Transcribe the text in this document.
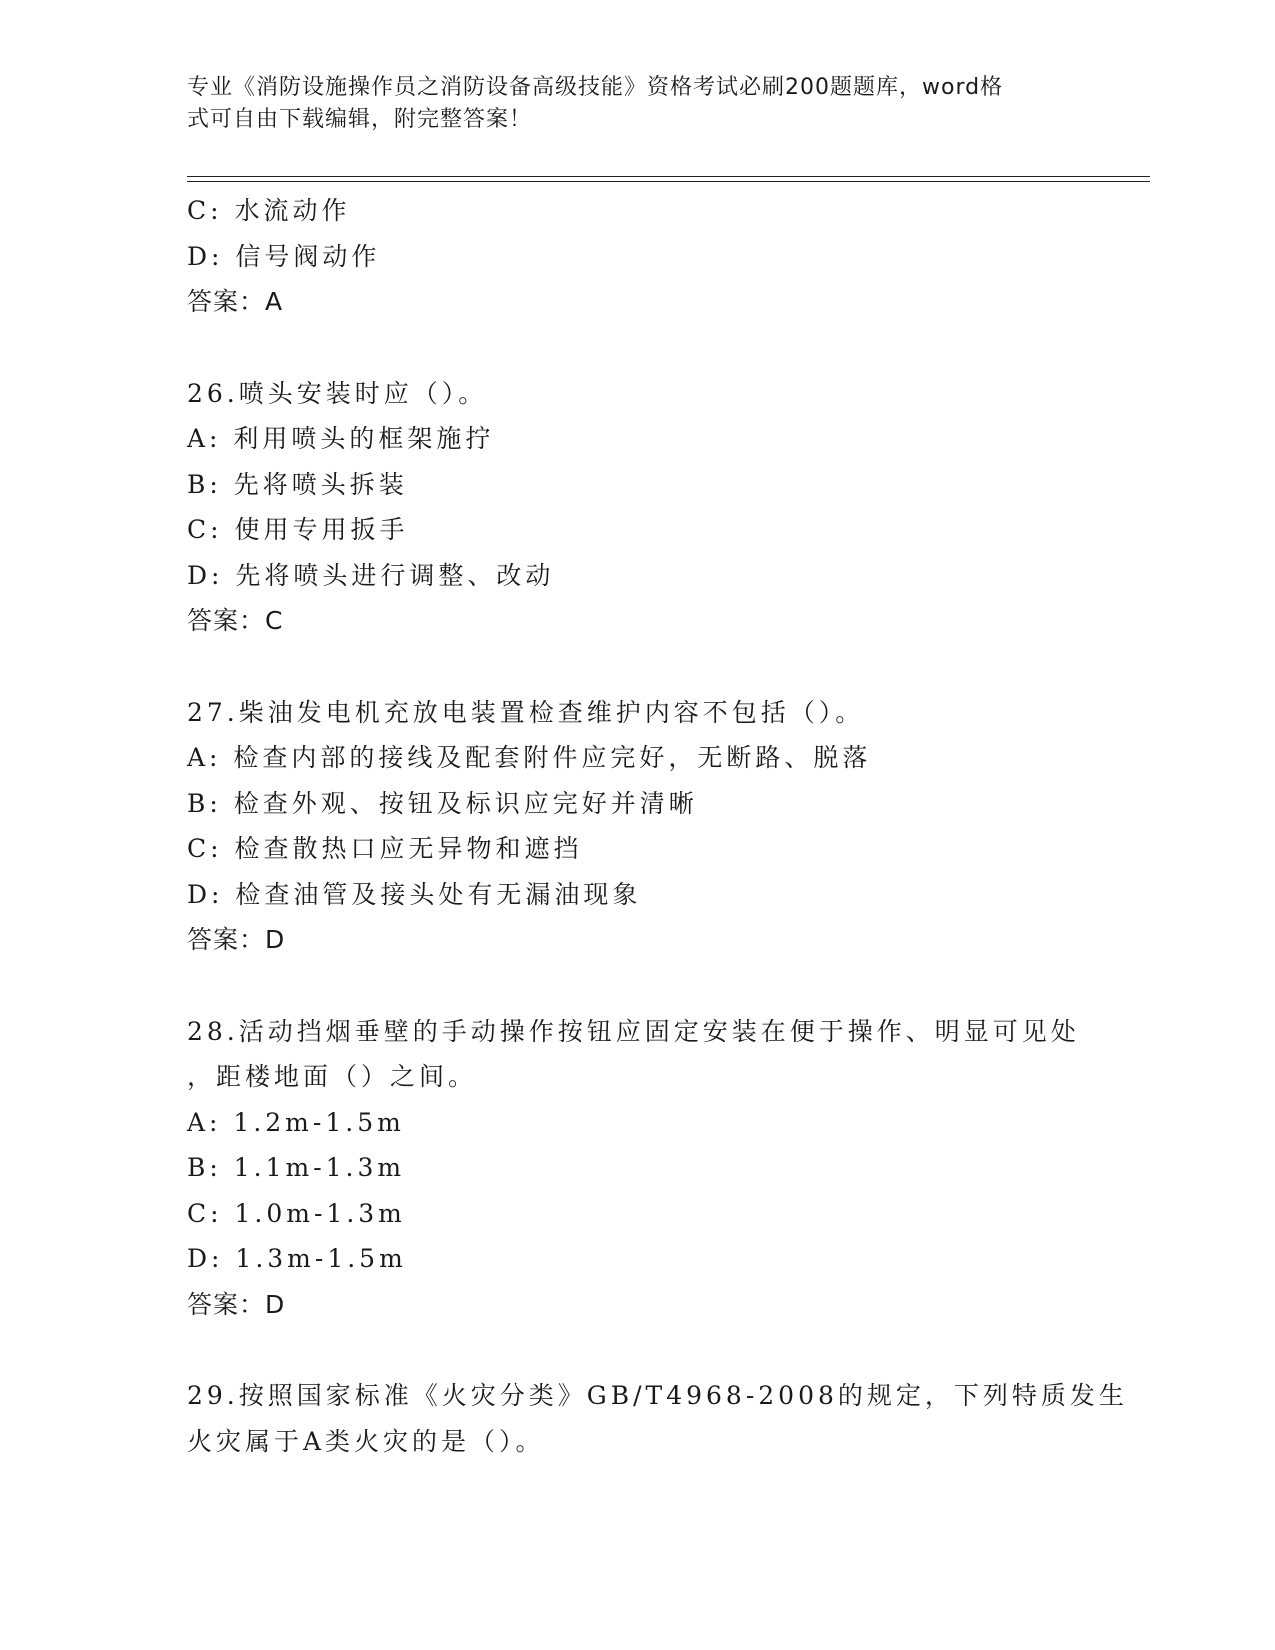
专业《消防设施操作员之消防设备高级技能》资格考试必刷200题题库，word格
式可自由下载编辑，附完整答案！
C: 水流动作
D: 信号阀动作
答案：A
26.喷头安装时应（）。
A: 利用喷头的框架施拧
B: 先将喷头拆装
C: 使用专用扳手
D: 先将喷头进行调整、改动
答案：C
27.柴油发电机充放电装置检查维护内容不包括（）。
A: 检查内部的接线及配套附件应完好，无断路、脱落
B: 检查外观、按钮及标识应完好并清晰
C: 检查散热口应无异物和遮挡
D: 检查油管及接头处有无漏油现象
答案：D
28.活动挡烟垂壁的手动操作按钮应固定安装在便于操作、明显可见处
，距楼地面（）之间。
A: 1.2m-1.5m
B: 1.1m-1.3m
C: 1.0m-1.3m
D: 1.3m-1.5m
答案：D
29.按照国家标准《火灾分类》GB/T4968-2008的规定，下列特质发生
火灾属于A类火灾的是（）。
